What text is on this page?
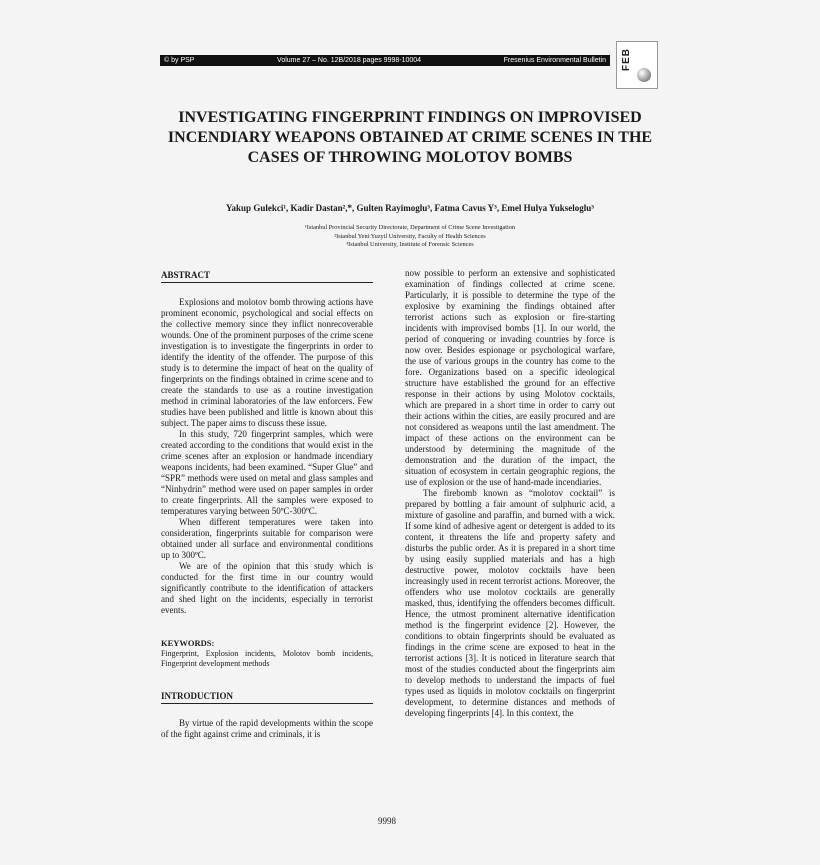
© by PSP	Volume 27 – No. 12B/2018 pages 9998-10004	Fresenius Environmental Bulletin FEB
INVESTIGATING FINGERPRINT FINDINGS ON IMPROVISED INCENDIARY WEAPONS OBTAINED AT CRIME SCENES IN THE CASES OF THROWING MOLOTOV BOMBS
Yakup Gulekci¹, Kadir Dastan²,*, Gulten Rayimoglu³, Fatma Cavus Y³, Emel Hulya Yukseloglu³
¹Istanbul Provincial Security Directorate, Department of Crime Scene Investigation
²Istanbul Yeni Yuzyil University, Faculty of Health Sciences
³Istanbul University, Institute of Forensic Sciences
ABSTRACT

Explosions and molotov bomb throwing actions have prominent economic, psychological and social effects on the collective memory since they inflict nonrecoverable wounds. One of the prominent purposes of the crime scene investigation is to investigate the fingerprints in order to identify the identity of the offender. The purpose of this study is to determine the impact of heat on the quality of fingerprints on the findings obtained in crime scene and to create the standards to use as a routine investigation method in criminal laboratories of the law enforcers. Few studies have been published and little is known about this subject. The paper aims to discuss these issue.

In this study, 720 fingerprint samples, which were created according to the conditions that would exist in the crime scenes after an explosion or handmade incendiary weapons incidents, had been examined. “Super Glue” and “SPR” methods were used on metal and glass samples and “Ninhydrin” method were used on paper samples in order to create fingerprints. All the samples were exposed to temperatures varying between 50ºC-300ºC.

When different temperatures were taken into consideration, fingerprints suitable for comparison were obtained under all surface and environmental conditions up to 300ºC.

We are of the opinion that this study which is conducted for the first time in our country would significantly contribute to the identification of attackers and shed light on the incidents, especially in terrorist events.

KEYWORDS:
Fingerprint, Explosion incidents, Molotov bomb incidents, Fingerprint development methods
INTRODUCTION

By virtue of the rapid developments within the scope of the fight against crime and criminals, it is

now possible to perform an extensive and sophisticated examination of findings collected at crime scene. Particularly, it is possible to determine the type of the explosive by examining the findings obtained after terrorist actions such as explosion or fire-starting incidents with improvised bombs [1]. In our world, the period of conquering or invading countries by force is now over. Besides espionage or psychological warfare, the use of various groups in the country has come to the fore. Organizations based on a specific ideological structure have established the ground for an effective response in their actions by using Molotov cocktails, which are prepared in a short time in order to carry out their actions within the cities, are easily procured and are not considered as weapons until the last amendment. The impact of these actions on the environment can be understood by determining the magnitude of the demonstration and the duration of the impact, the situation of ecosystem in certain geographic regions, the use of explosion or the use of hand-made incendiaries.

The firebomb known as “molotov cocktail” is prepared by bottling a fair amount of sulphuric acid, a mixture of gasoline and paraffin, and burned with a wick. If some kind of adhesive agent or detergent is added to its content, it threatens the life and property safety and disturbs the public order. As it is prepared in a short time by using easily supplied materials and has a high destructive power, molotov cocktails have been increasingly used in recent terrorist actions. Moreover, the offenders who use molotov cocktails are generally masked, thus, identifying the offenders becomes difficult. Hence, the utmost prominent alternative identification method is the fingerprint evidence [2]. However, the conditions to obtain fingerprints should be evaluated as findings in the crime scene are exposed to heat in the terrorist actions [3]. It is noticed in literature search that most of the studies conducted about the fingerprints aim to develop methods to understand the impacts of fuel types used as liquids in molotov cocktails on fingerprint development, to determine distances and methods of developing fingerprints [4]. In this context, the

9998
